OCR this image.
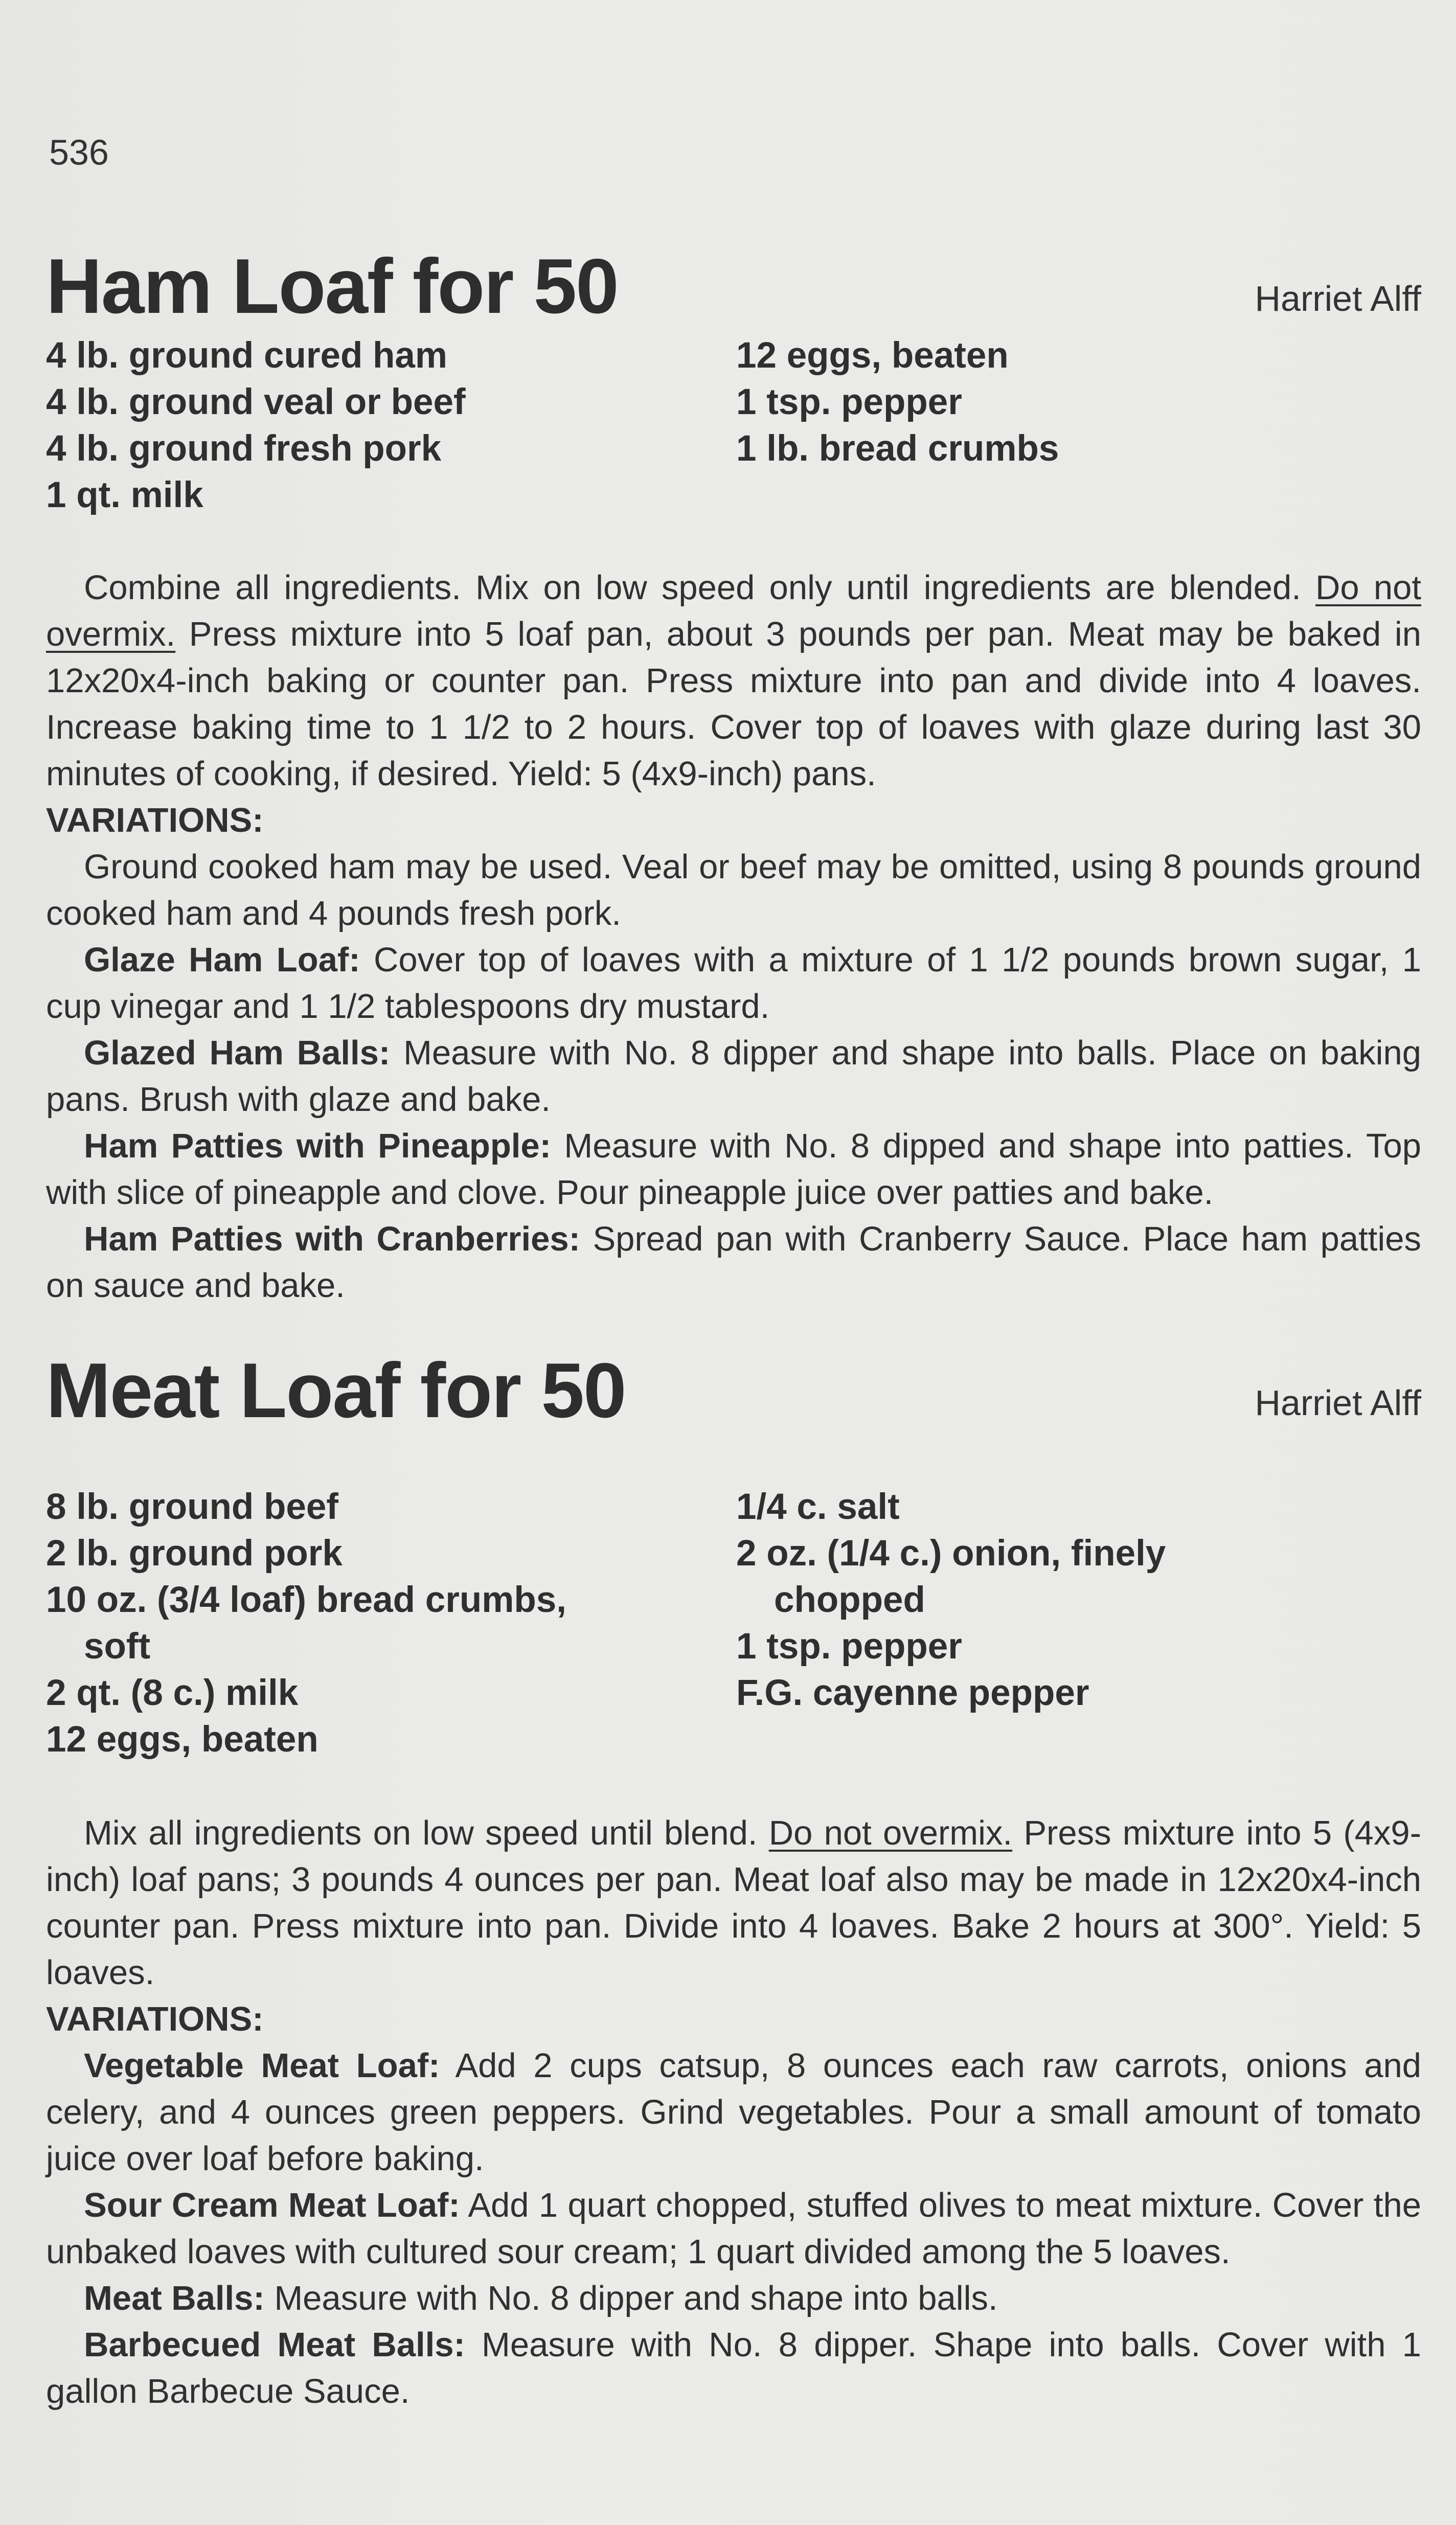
536
Ham Loaf for 50	Harriet Alff
4 lb. ground cured ham
4 lb. ground veal or beef
4 lb. ground fresh pork
1 qt. milk
12 eggs, beaten
1 tsp. pepper
1 lb. bread crumbs

Combine all ingredients. Mix on low speed only until ingredients are blended. Do not overmix. Press mixture into 5 loaf pan, about 3 pounds per pan. Meat may be baked in 12x20x4-inch baking or counter pan. Press mixture into pan and divide into 4 loaves. Increase baking time to 1 1/2 to 2 hours. Cover top of loaves with glaze during last 30 minutes of cooking, if desired. Yield: 5 (4x9-inch) pans.

VARIATIONS:

Ground cooked ham may be used. Veal or beef may be omitted, using 8 pounds ground cooked ham and 4 pounds fresh pork.

Glaze Ham Loaf: Cover top of loaves with a mixture of 1 1/2 pounds brown sugar, 1 cup vinegar and 1 1/2 tablespoons dry mustard.

Glazed Ham Balls: Measure with No. 8 dipper and shape into balls. Place on baking pans. Brush with glaze and bake.

Ham Patties with Pineapple: Measure with No. 8 dipped and shape into patties. Top with slice of pineapple and clove. Pour pineapple juice over patties and bake.

Ham Patties with Cranberries: Spread pan with Cranberry Sauce. Place ham patties on sauce and bake.

Meat Loaf for 50	Harriet Alff
8 lb. ground beef
2 lb. ground pork
10 oz. (3/4 loaf) bread crumbs,
soft
2 qt. (8 c.) milk
12 eggs, beaten
1/4 c. salt
2 oz. (1/4 c.) onion, finely
chopped
1 tsp. pepper
F.G. cayenne pepper

Mix all ingredients on low speed until blend. Do not overmix. Press mixture into 5 (4x9-inch) loaf pans; 3 pounds 4 ounces per pan. Meat loaf also may be made in 12x20x4-inch counter pan. Press mixture into pan. Divide into 4 loaves. Bake 2 hours at 300°. Yield: 5 loaves.

VARIATIONS:

Vegetable Meat Loaf: Add 2 cups catsup, 8 ounces each raw carrots, onions and celery, and 4 ounces green peppers. Grind vegetables. Pour a small amount of tomato juice over loaf before baking.

Sour Cream Meat Loaf: Add 1 quart chopped, stuffed olives to meat mixture. Cover the unbaked loaves with cultured sour cream; 1 quart divided among the 5 loaves.

Meat Balls: Measure with No. 8 dipper and shape into balls.

Barbecued Meat Balls: Measure with No. 8 dipper. Shape into balls. Cover with 1 gallon Barbecue Sauce.
